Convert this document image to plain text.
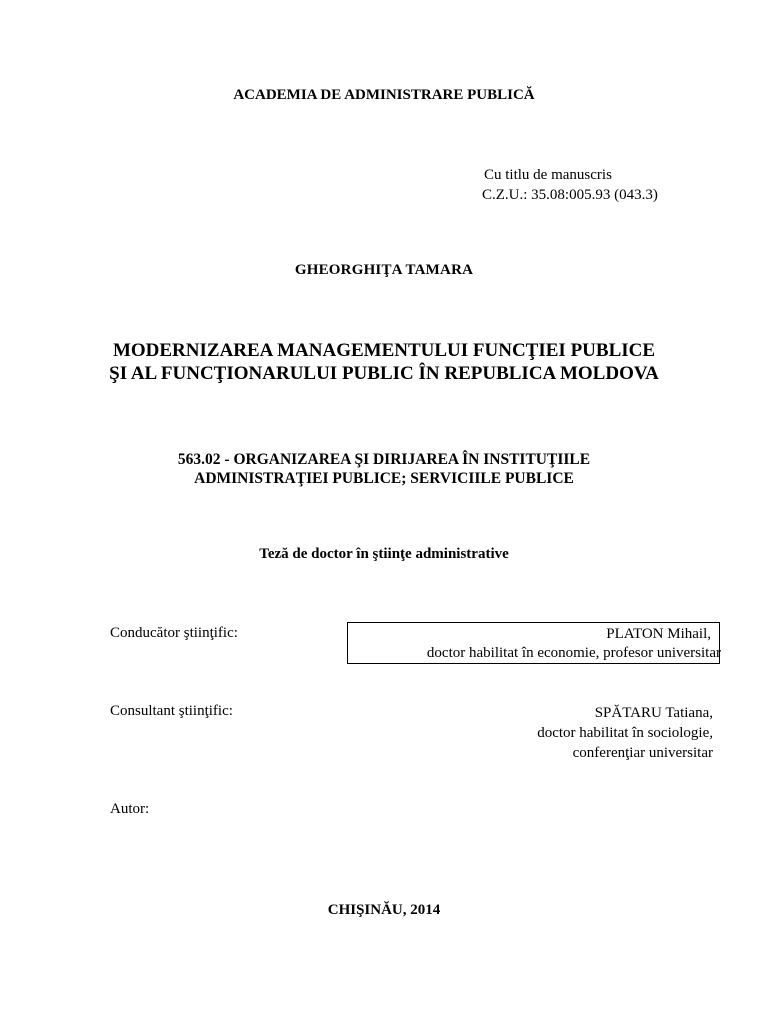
ACADEMIA DE ADMINISTRARE PUBLICĂ
Cu titlu de manuscris
C.Z.U.: 35.08:005.93 (043.3)
GHEORGHIŢA TAMARA
MODERNIZAREA MANAGEMENTULUI FUNCŢIEI PUBLICE
ŞI AL FUNCŢIONARULUI PUBLIC ÎN REPUBLICA MOLDOVA
563.02 - ORGANIZAREA ŞI DIRIJAREA ÎN INSTITUŢIILE
ADMINISTRAŢIEI PUBLICE; SERVICIILE PUBLICE
Teză de doctor în ştiinţe administrative
Conducător ştiinţific:	PLATON Mihail,
doctor habilitat în economie, profesor universitar
Consultant ştiinţific:	SPĂTARU Tatiana,
doctor habilitat în sociologie,
conferenţiar universitar
Autor:
CHIŞINĂU, 2014
